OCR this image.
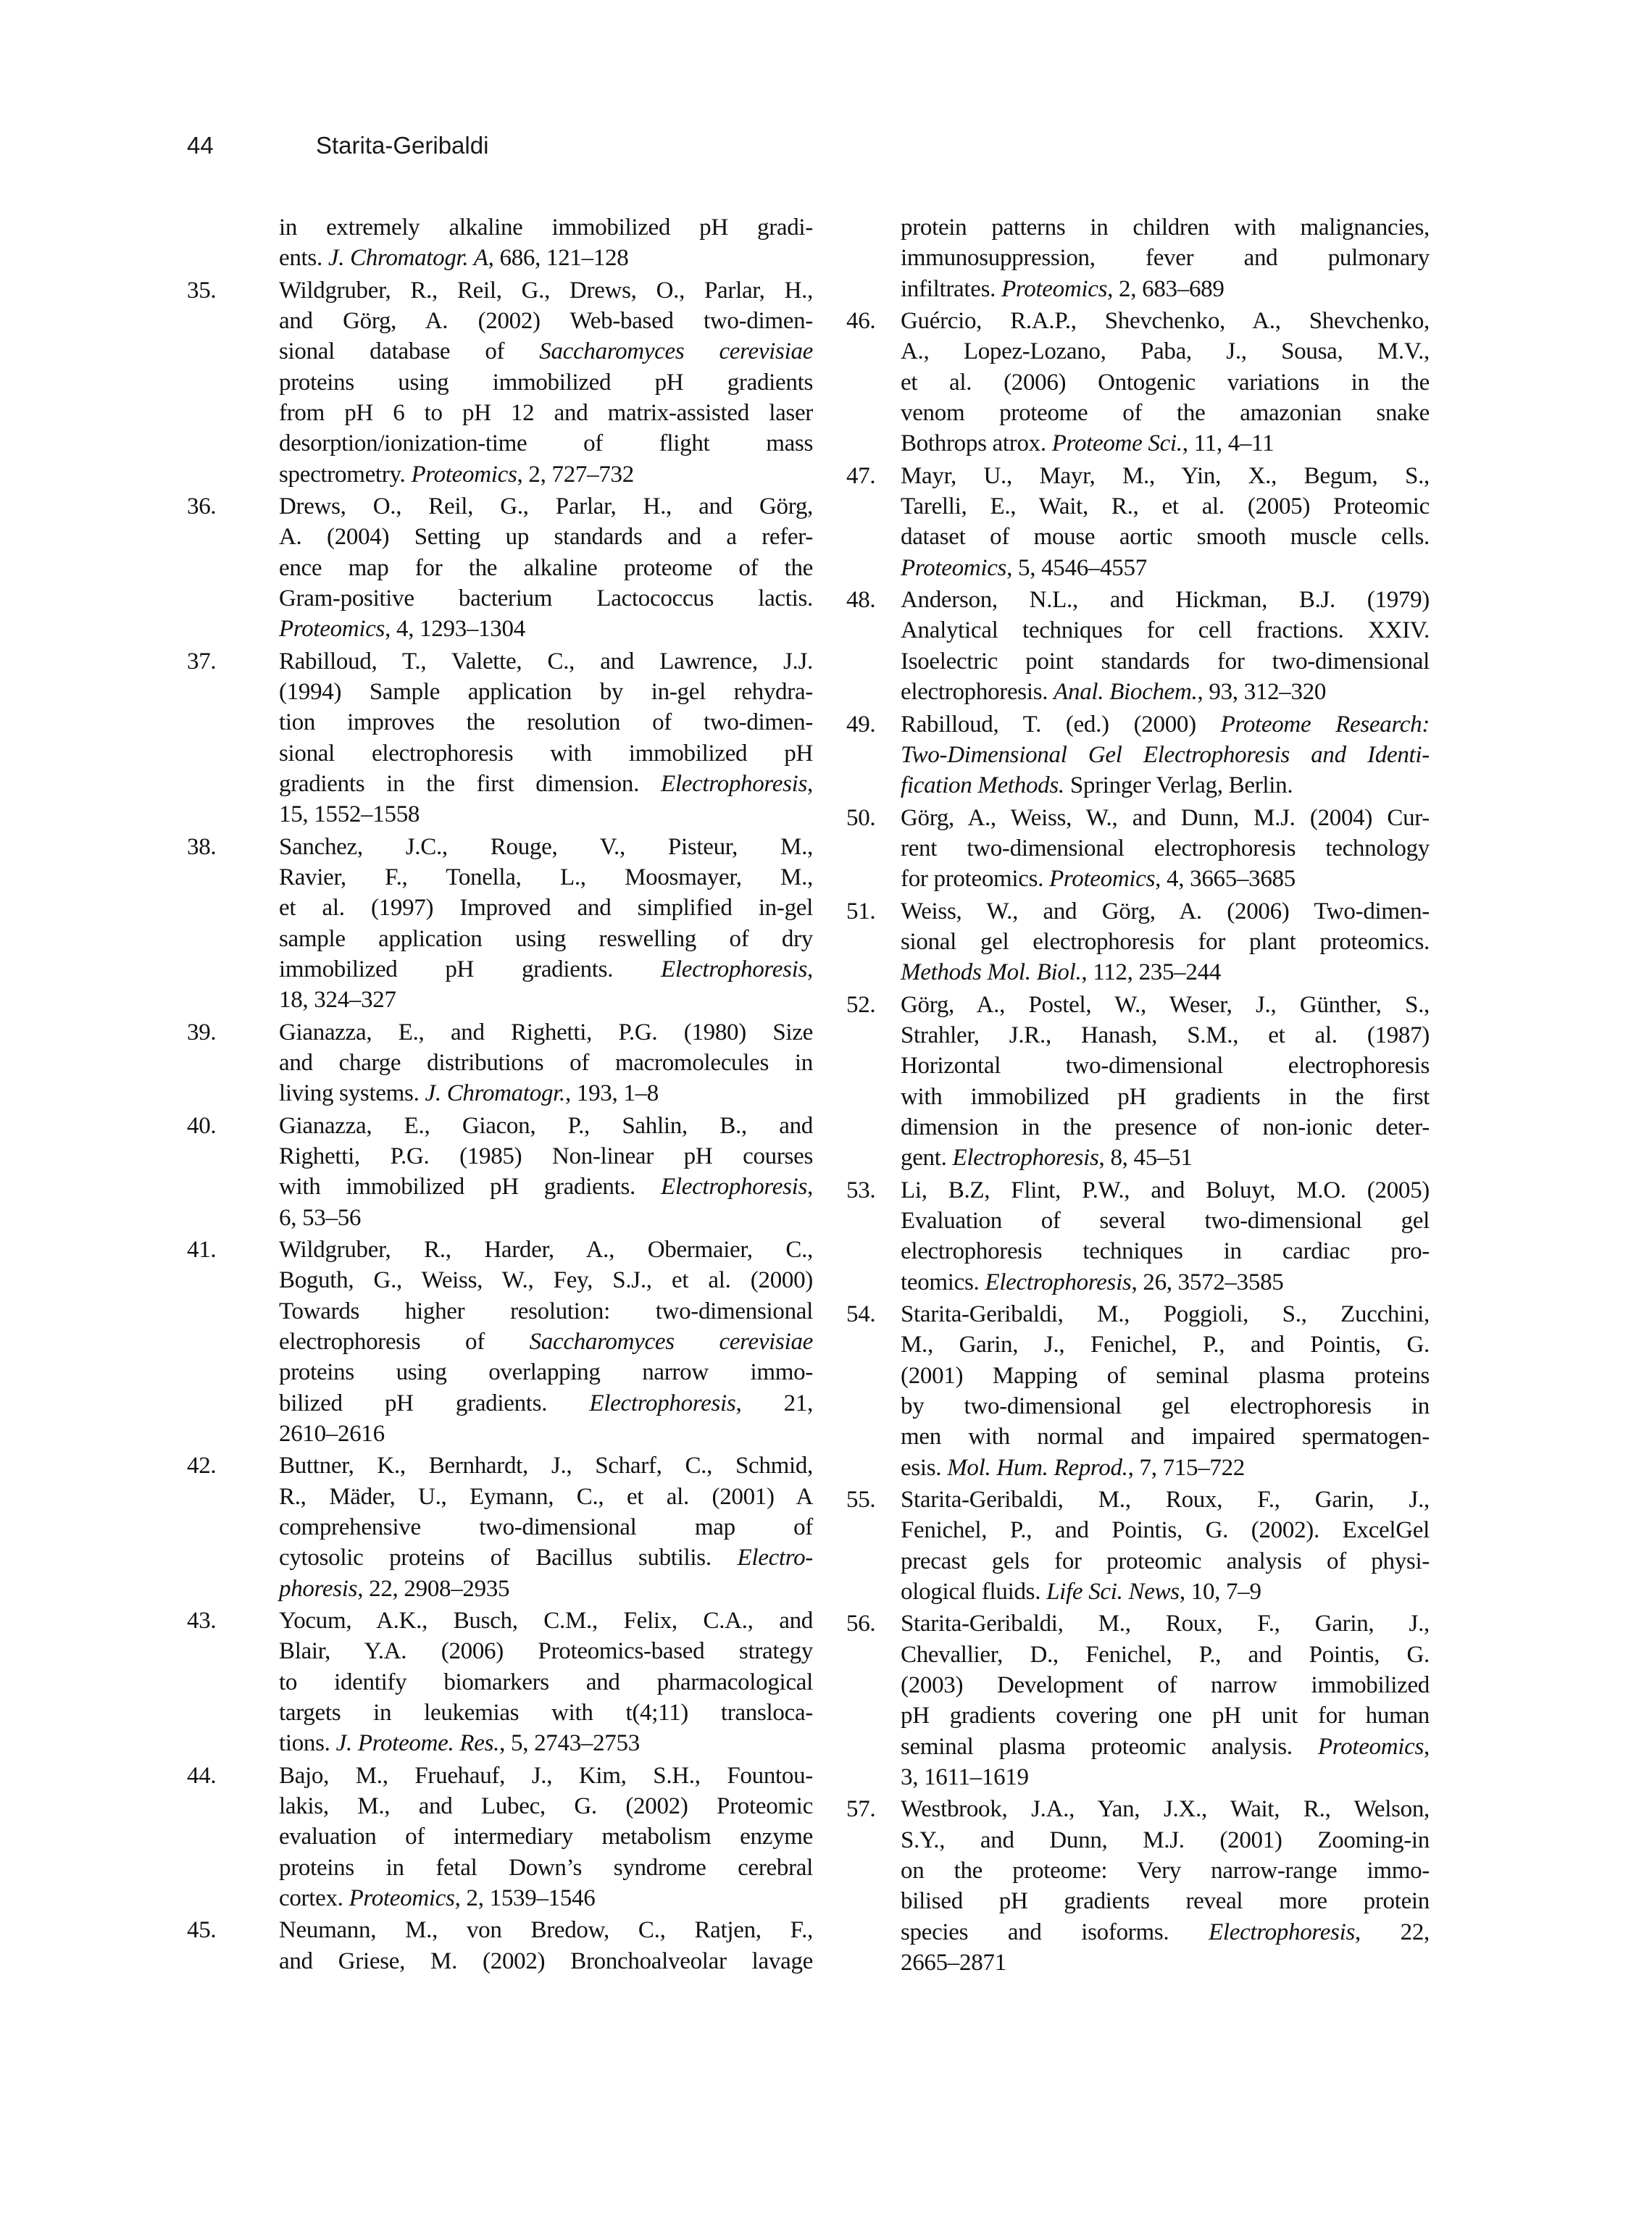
44	Starita-Geribaldi
in extremely alkaline immobilized pH gradi-
ents. J. Chromatogr. A, 686, 121–128
35.	Wildgruber, R., Reil, G., Drews, O., Parlar, H.,
and Görg, A. (2002) Web-based two-dimen-
sional database of Saccharomyces cerevisiae
proteins using immobilized pH gradients
from pH 6 to pH 12 and matrix-assisted laser
desorption/ionization-time of flight mass
spectrometry. Proteomics, 2, 727–732
36.	Drews, O., Reil, G., Parlar, H., and Görg,
A. (2004) Setting up standards and a refer-
ence map for the alkaline proteome of the
Gram-positive bacterium Lactococcus lactis.
Proteomics, 4, 1293–1304
37.	Rabilloud, T., Valette, C., and Lawrence, J.J.
(1994) Sample application by in-gel rehydra-
tion improves the resolution of two-dimen-
sional electrophoresis with immobilized pH
gradients in the first dimension. Electrophoresis,
15, 1552–1558
38.	Sanchez, J.C., Rouge, V., Pisteur, M.,
Ravier, F., Tonella, L., Moosmayer, M.,
et al. (1997) Improved and simplified in-gel
sample application using reswelling of dry
immobilized pH gradients. Electrophoresis,
18, 324–327
39.	Gianazza, E., and Righetti, P.G. (1980) Size
and charge distributions of macromolecules in
living systems. J. Chromatogr., 193, 1–8
40.	Gianazza, E., Giacon, P., Sahlin, B., and
Righetti, P.G. (1985) Non-linear pH courses
with immobilized pH gradients. Electrophoresis,
6, 53–56
41.	Wildgruber, R., Harder, A., Obermaier, C.,
Boguth, G., Weiss, W., Fey, S.J., et al. (2000)
Towards higher resolution: two-dimensional
electrophoresis of Saccharomyces cerevisiae
proteins using overlapping narrow immo-
bilized pH gradients. Electrophoresis, 21,
2610–2616
42.	Buttner, K., Bernhardt, J., Scharf, C., Schmid,
R., Mäder, U., Eymann, C., et al. (2001) A
comprehensive two-dimensional map of
cytosolic proteins of Bacillus subtilis. Electro-
phoresis, 22, 2908–2935
43.	Yocum, A.K., Busch, C.M., Felix, C.A., and
Blair, Y.A. (2006) Proteomics-based strategy
to identify biomarkers and pharmacological
targets in leukemias with t(4;11) transloca-
tions. J. Proteome. Res., 5, 2743–2753
44.	Bajo, M., Fruehauf, J., Kim, S.H., Fountou-
lakis, M., and Lubec, G. (2002) Proteomic
evaluation of intermediary metabolism enzyme
proteins in fetal Down’s syndrome cerebral
cortex. Proteomics, 2, 1539–1546
45.	Neumann, M., von Bredow, C., Ratjen, F.,
and Griese, M. (2002) Bronchoalveolar lavage
protein patterns in children with malignancies,
immunosuppression, fever and pulmonary
infiltrates. Proteomics, 2, 683–689
46. Guércio, R.A.P., Shevchenko, A., Shevchenko,
A., Lopez-Lozano, Paba, J., Sousa, M.V.,
et al. (2006) Ontogenic variations in the
venom proteome of the amazonian snake
Bothrops atrox. Proteome Sci., 11, 4–11
47. Mayr, U., Mayr, M., Yin, X., Begum, S.,
Tarelli, E., Wait, R., et al. (2005) Proteomic
dataset of mouse aortic smooth muscle cells.
Proteomics, 5, 4546–4557
48. Anderson, N.L., and Hickman, B.J. (1979)
Analytical techniques for cell fractions. XXIV.
Isoelectric point standards for two-dimensional
electrophoresis. Anal. Biochem., 93, 312–320
49. Rabilloud, T. (ed.) (2000) Proteome Research:
Two-Dimensional Gel Electrophoresis and Identi-
fication Methods. Springer Verlag, Berlin.
50. Görg, A., Weiss, W., and Dunn, M.J. (2004) Cur-
rent two-dimensional electrophoresis technology
for proteomics. Proteomics, 4, 3665–3685
51. Weiss, W., and Görg, A. (2006) Two-dimen-
sional gel electrophoresis for plant proteomics.
Methods Mol. Biol., 112, 235–244
52. Görg, A., Postel, W., Weser, J., Günther, S.,
Strahler, J.R., Hanash, S.M., et al. (1987)
Horizontal two-dimensional electrophoresis
with immobilized pH gradients in the first
dimension in the presence of non-ionic deter-
gent. Electrophoresis, 8, 45–51
53. Li, B.Z, Flint, P.W., and Boluyt, M.O. (2005)
Evaluation of several two-dimensional gel
electrophoresis techniques in cardiac pro-
teomics. Electrophoresis, 26, 3572–3585
54. Starita-Geribaldi, M., Poggioli, S., Zucchini,
M., Garin, J., Fenichel, P., and Pointis, G.
(2001) Mapping of seminal plasma proteins
by two-dimensional gel electrophoresis in
men with normal and impaired spermatogen-
esis. Mol. Hum. Reprod., 7, 715–722
55. Starita-Geribaldi, M., Roux, F., Garin, J.,
Fenichel, P., and Pointis, G. (2002). ExcelGel
precast gels for proteomic analysis of physi-
ological fluids. Life Sci. News, 10, 7–9
56. Starita-Geribaldi, M., Roux, F., Garin, J.,
Chevallier, D., Fenichel, P., and Pointis, G.
(2003) Development of narrow immobilized
pH gradients covering one pH unit for human
seminal plasma proteomic analysis. Proteomics,
3, 1611–1619
57. Westbrook, J.A., Yan, J.X., Wait, R., Welson,
S.Y., and Dunn, M.J. (2001) Zooming-in
on the proteome: Very narrow-range immo-
bilised pH gradients reveal more protein
species and isoforms. Electrophoresis, 22,
2665–2871
